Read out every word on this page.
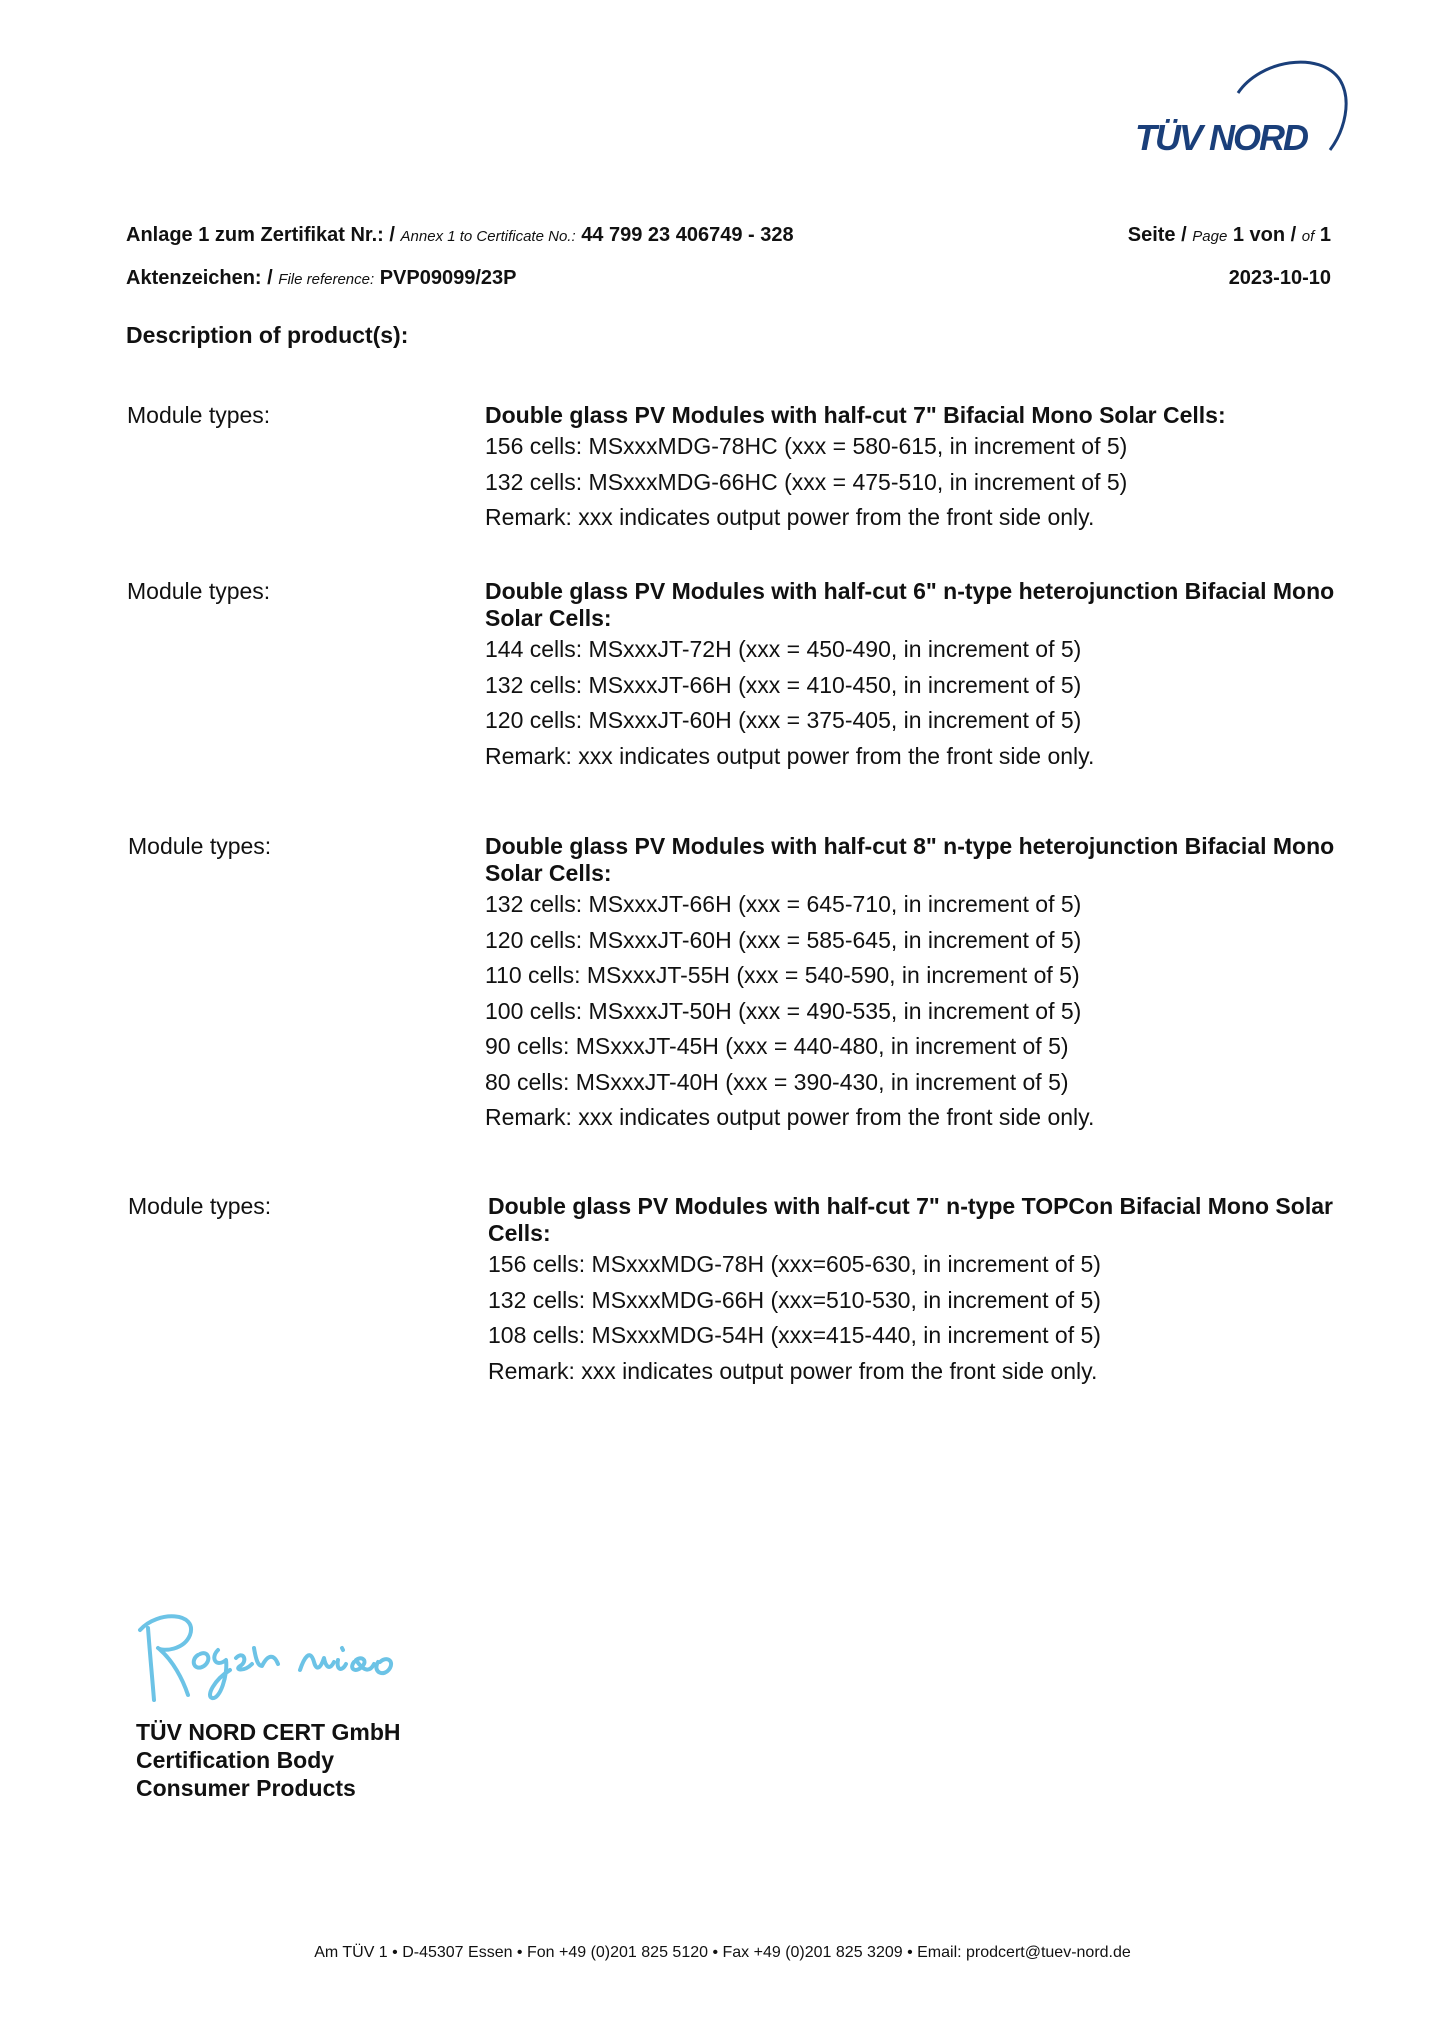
TÜV NORD
Anlage 1 zum Zertifikat Nr.: / Annex 1 to Certificate No.: 44 799 23 406749 - 328	Seite / Page 1 von / of 1
Aktenzeichen: / File reference: PVP09099/23P	2023-10-10
Description of product(s):
Module types:	Double glass PV Modules with half-cut 7" Bifacial Mono Solar Cells:
156 cells: MSxxxMDG-78HC (xxx = 580-615, in increment of 5)
132 cells: MSxxxMDG-66HC (xxx = 475-510, in increment of 5)
Remark: xxx indicates output power from the front side only.
Module types:	Double glass PV Modules with half-cut 6" n-type heterojunction Bifacial Mono Solar Cells:
144 cells: MSxxxJT-72H (xxx = 450-490, in increment of 5)
132 cells: MSxxxJT-66H (xxx = 410-450, in increment of 5)
120 cells: MSxxxJT-60H (xxx = 375-405, in increment of 5)
Remark: xxx indicates output power from the front side only.
Module types:	Double glass PV Modules with half-cut 8" n-type heterojunction Bifacial Mono Solar Cells:
132 cells: MSxxxJT-66H (xxx = 645-710, in increment of 5)
120 cells: MSxxxJT-60H (xxx = 585-645, in increment of 5)
110 cells: MSxxxJT-55H (xxx = 540-590, in increment of 5)
100 cells: MSxxxJT-50H (xxx = 490-535, in increment of 5)
90 cells: MSxxxJT-45H (xxx = 440-480, in increment of 5)
80 cells: MSxxxJT-40H (xxx = 390-430, in increment of 5)
Remark: xxx indicates output power from the front side only.
Module types:	Double glass PV Modules with half-cut 7" n-type TOPCon Bifacial Mono Solar Cells:
156 cells: MSxxxMDG-78H (xxx=605-630, in increment of 5)
132 cells: MSxxxMDG-66H (xxx=510-530, in increment of 5)
108 cells: MSxxxMDG-54H (xxx=415-440, in increment of 5)
Remark: xxx indicates output power from the front side only.
TÜV NORD CERT GmbH
Certification Body
Consumer Products
Am TÜV 1 • D-45307 Essen • Fon +49 (0)201 825 5120 • Fax +49 (0)201 825 3209 • Email: prodcert@tuev-nord.de
